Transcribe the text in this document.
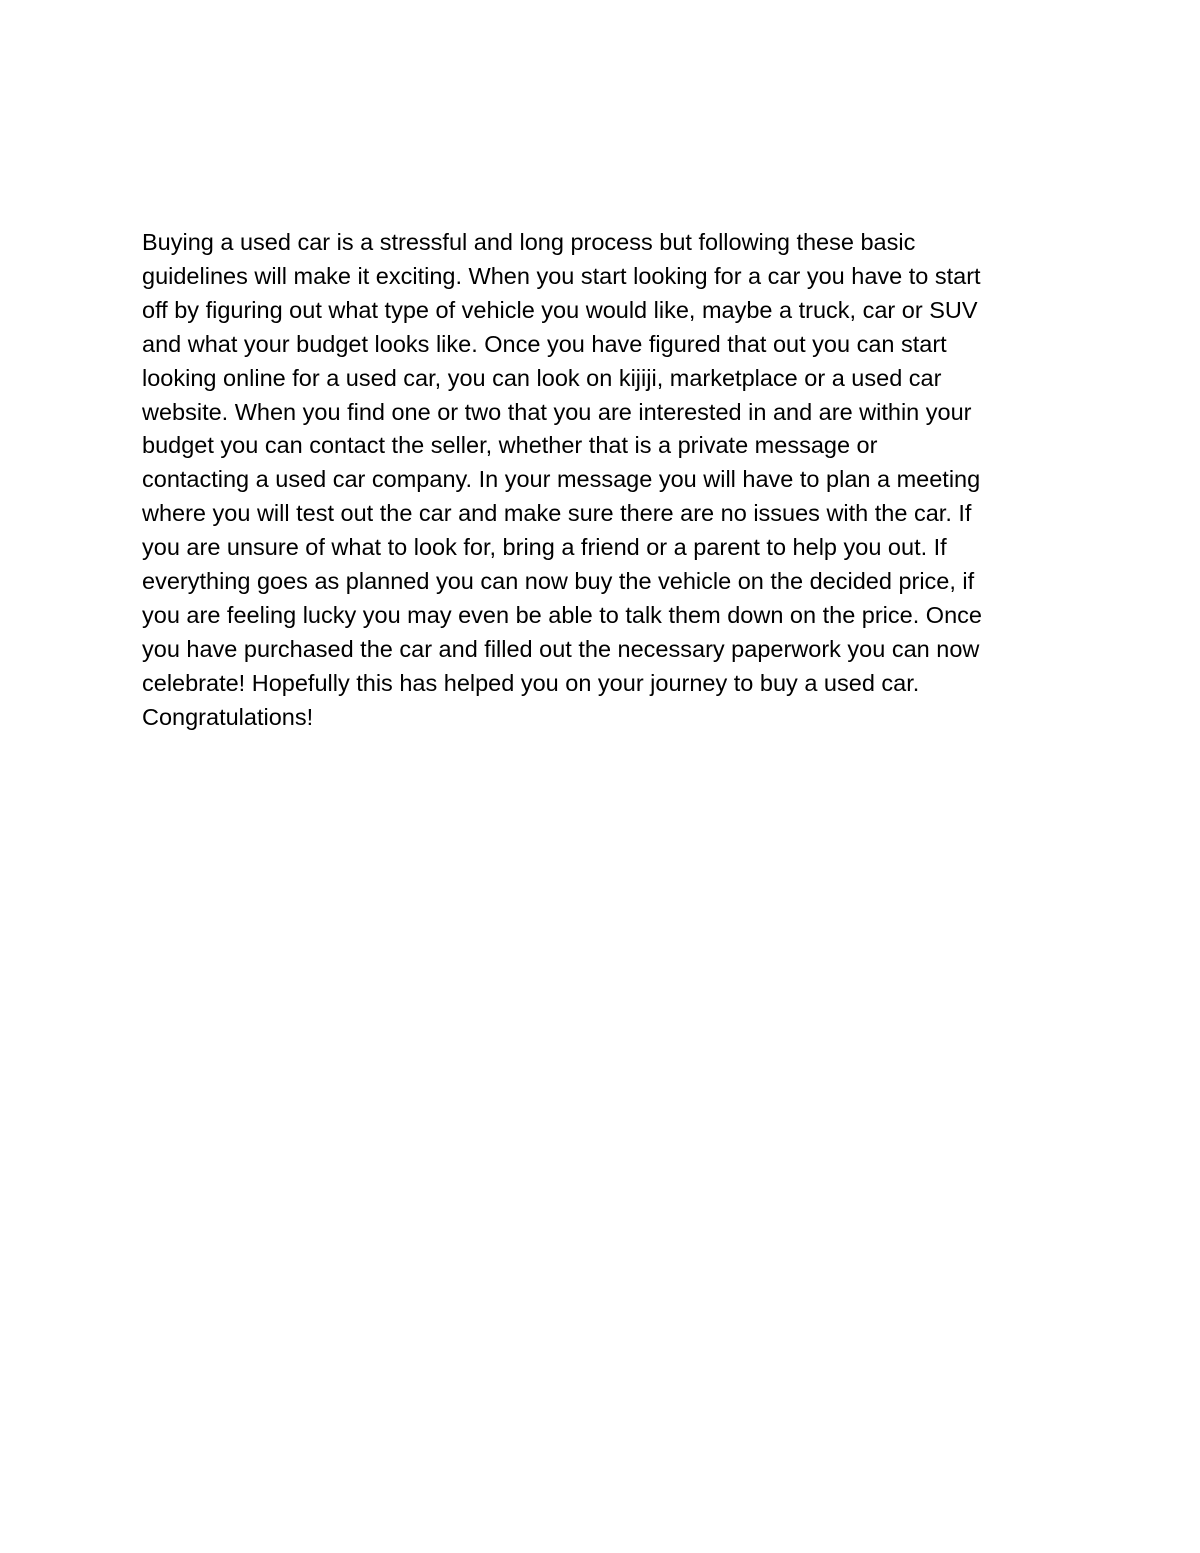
Buying a used car is a stressful and long process but following these basic
guidelines will make it exciting. When you start looking for a car you have to start
off by figuring out what type of vehicle you would like, maybe a truck, car or SUV
and what your budget looks like. Once you have figured that out you can start
looking online for a used car, you can look on kijiji, marketplace or a used car
website. When you find one or two that you are interested in and are within your
budget you can contact the seller, whether that is a private message or
contacting a used car company. In your message you will have to plan a meeting
where you will test out the car and make sure there are no issues with the car. If
you are unsure of what to look for, bring a friend or a parent to help you out. If
everything goes as planned you can now buy the vehicle on the decided price, if
you are feeling lucky you may even be able to talk them down on the price. Once
you have purchased the car and filled out the necessary paperwork you can now
celebrate! Hopefully this has helped you on your journey to buy a used car.
Congratulations!
